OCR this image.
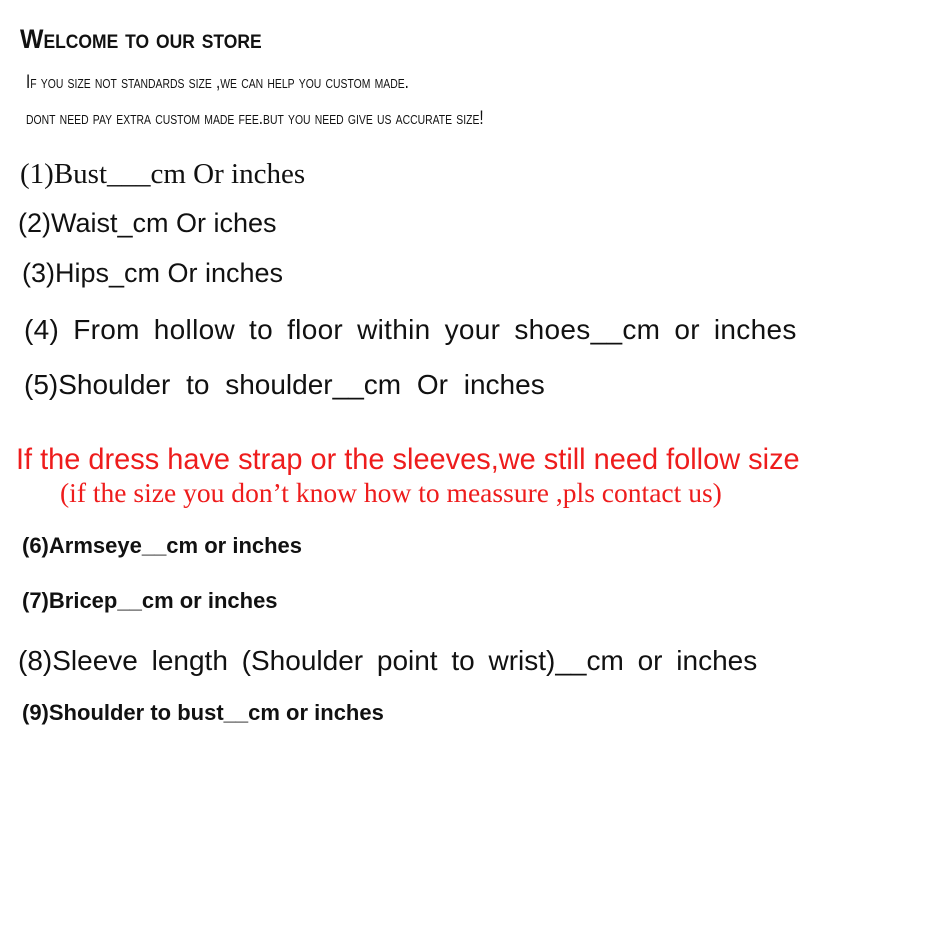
Welcome to our store

If you size not standards size ,we can help you custom made.

dont need pay extra custom made fee.but you need give us accurate size!

(1)Bust___cm Or inches

(2)Waist_cm Or iches

(3)Hips_cm Or inches

(4) From hollow to floor within your shoes__cm or inches

(5)Shoulder to shoulder__cm Or inches

If the dress have strap or the sleeves,we still need follow size

(if the size you don’t know how to meassure ,pls contact us)

(6)Armseye__cm or inches

(7)Bricep__cm or inches

(8)Sleeve length (Shoulder point to wrist)__cm or inches

(9)Shoulder to bust__cm or inches
